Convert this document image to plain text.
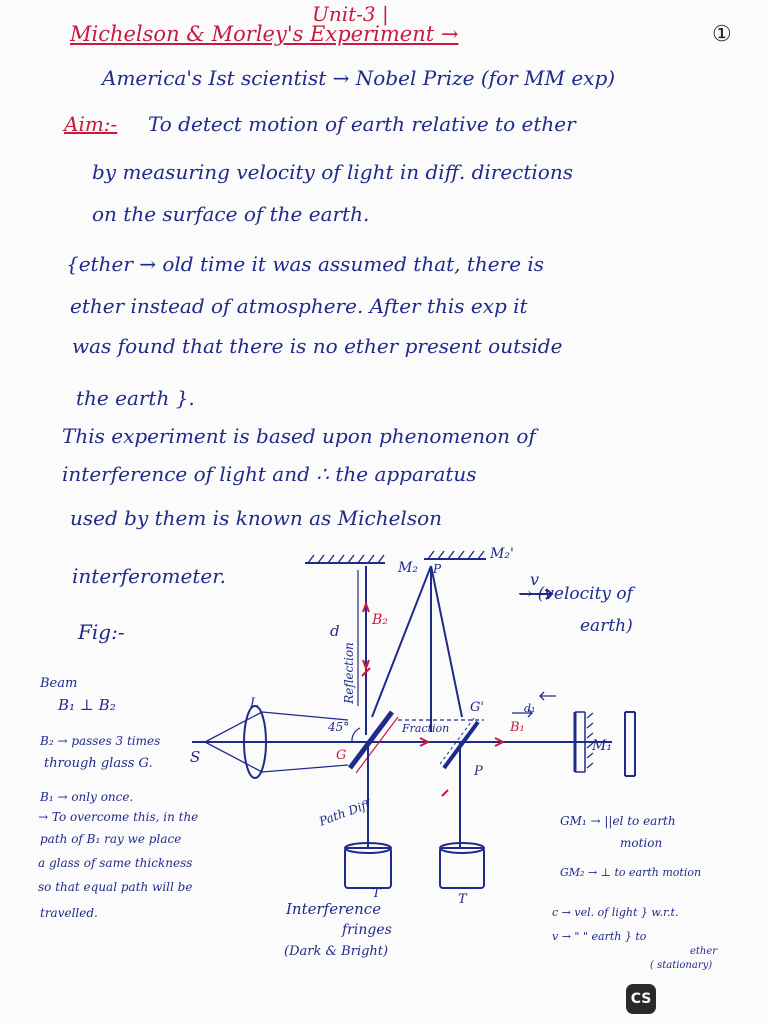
Unit-3 |
Michelson & Morley's Experiment →	①
America's Ist scientist → Nobel Prize (for MM exp)
Aim:- To detect motion of earth relative to ether
by measuring velocity of light in diff. directions
on the surface of the earth.
{ether → old time it was assumed that, there is
ether instead of atmosphere. After this exp it
was found that there is no ether present outside
the earth }.
This experiment is based upon phenomenon of
interference of light and ∴ the apparatus
used by them is known as Michelson
interferometer.	M₂ P
M₂'
d
B₂
Reflection
45°
L
S	G
G'
P
B₁
M₁
Fraction
Path Diff
T	T
d₁
Fig:-
v
→ (velocity of
earth)
Interference
fringes
(Dark & Bright)
Beam
B₁ ⊥ B₂
B₂ → passes 3 times
through glass G.
B₁ → only once.
→ To overcome this, in the
path of B₁ ray we place
a glass of same thickness
so that equal path will be
travelled.
GM₁ → ||el to earth
motion
GM₂ → ⊥ to earth motion
c → vel. of light } w.r.t.
v → " " earth } to
ether
( stationary)
CS
